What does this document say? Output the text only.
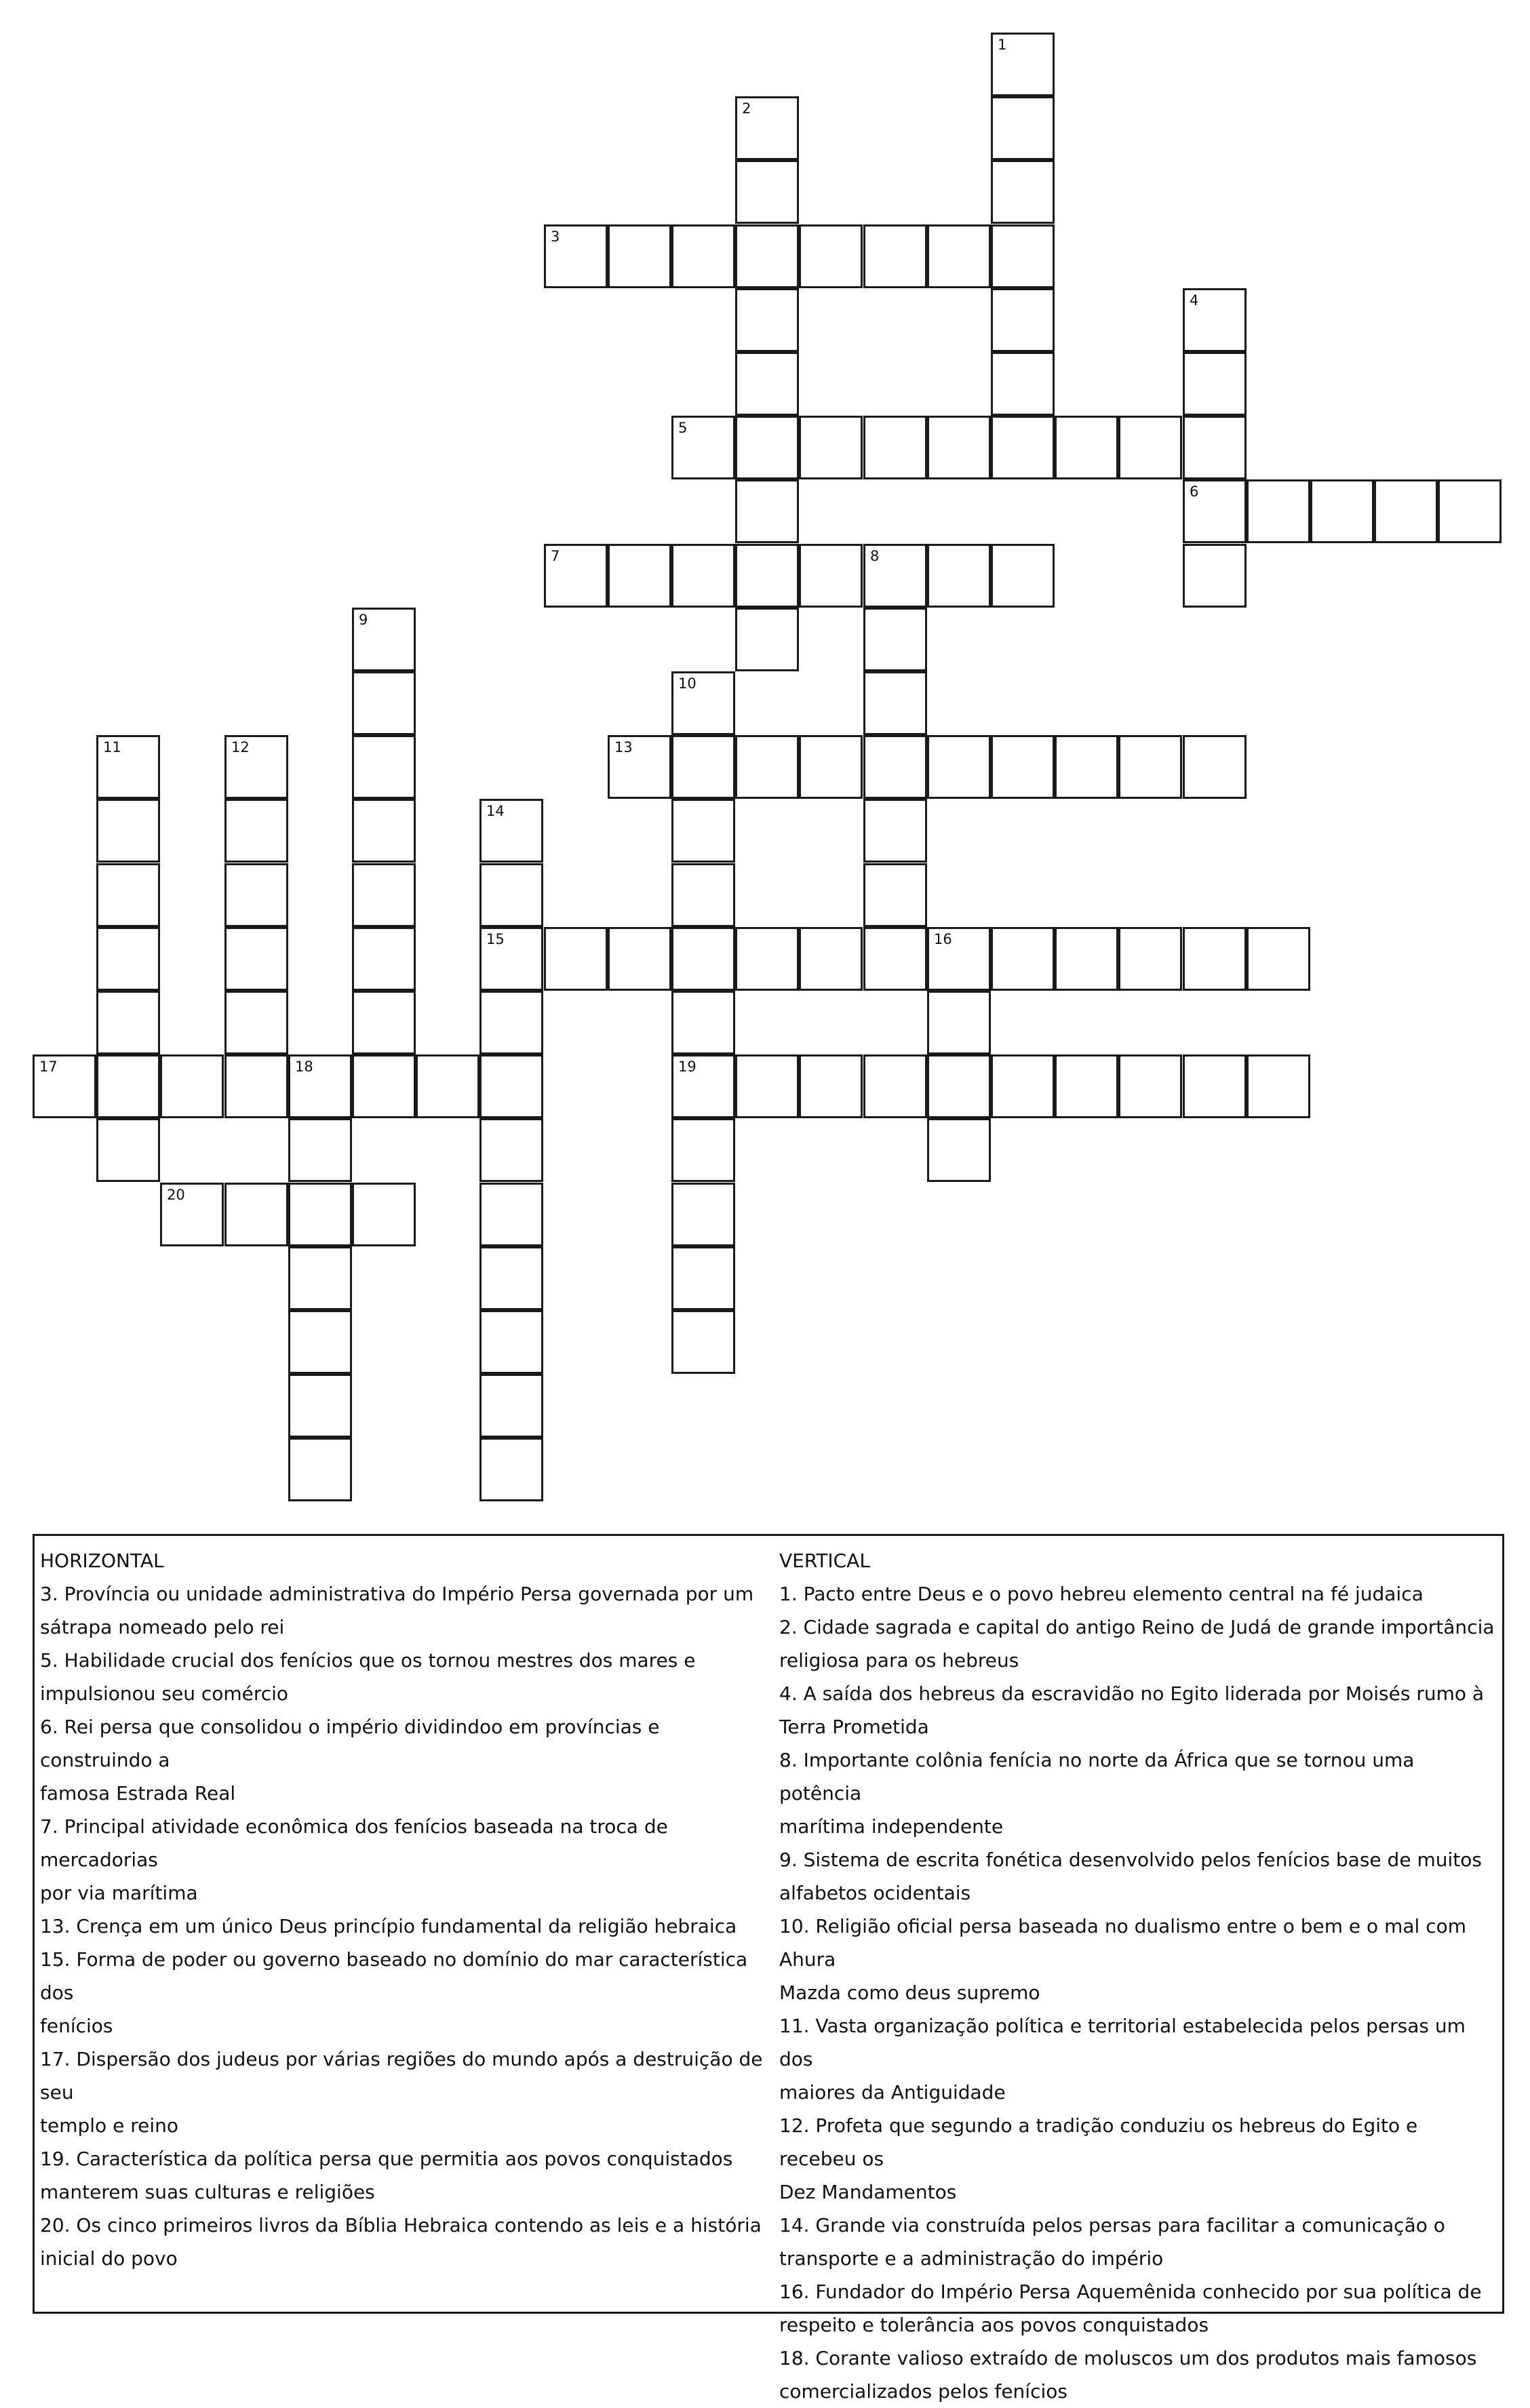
1
2
3
4
5
6
7	8
9
10
11	12	13
14
15	16
17	18	19
20
HORIZONTAL
3. Província ou unidade administrativa do Império Persa governada por um
sátrapa nomeado pelo rei
5. Habilidade crucial dos fenícios que os tornou mestres dos mares e
impulsionou seu comércio
6. Rei persa que consolidou o império dividindoo em províncias e construindo a
famosa Estrada Real
7. Principal atividade econômica dos fenícios baseada na troca de mercadorias
por via marítima
13. Crença em um único Deus princípio fundamental da religião hebraica
15. Forma de poder ou governo baseado no domínio do mar característica dos
fenícios
17. Dispersão dos judeus por várias regiões do mundo após a destruição de seu
templo e reino
19. Característica da política persa que permitia aos povos conquistados
manterem suas culturas e religiões
20. Os cinco primeiros livros da Bíblia Hebraica contendo as leis e a história
inicial do povo
VERTICAL
1. Pacto entre Deus e o povo hebreu elemento central na fé judaica
2. Cidade sagrada e capital do antigo Reino de Judá de grande importância
religiosa para os hebreus
4. A saída dos hebreus da escravidão no Egito liderada por Moisés rumo à
Terra Prometida
8. Importante colônia fenícia no norte da África que se tornou uma potência
marítima independente
9. Sistema de escrita fonética desenvolvido pelos fenícios base de muitos
alfabetos ocidentais
10. Religião oficial persa baseada no dualismo entre o bem e o mal com Ahura
Mazda como deus supremo
11. Vasta organização política e territorial estabelecida pelos persas um dos
maiores da Antiguidade
12. Profeta que segundo a tradição conduziu os hebreus do Egito e recebeu os
Dez Mandamentos
14. Grande via construída pelos persas para facilitar a comunicação o
transporte e a administração do império
16. Fundador do Império Persa Aquemênida conhecido por sua política de
respeito e tolerância aos povos conquistados
18. Corante valioso extraído de moluscos um dos produtos mais famosos
comercializados pelos fenícios
